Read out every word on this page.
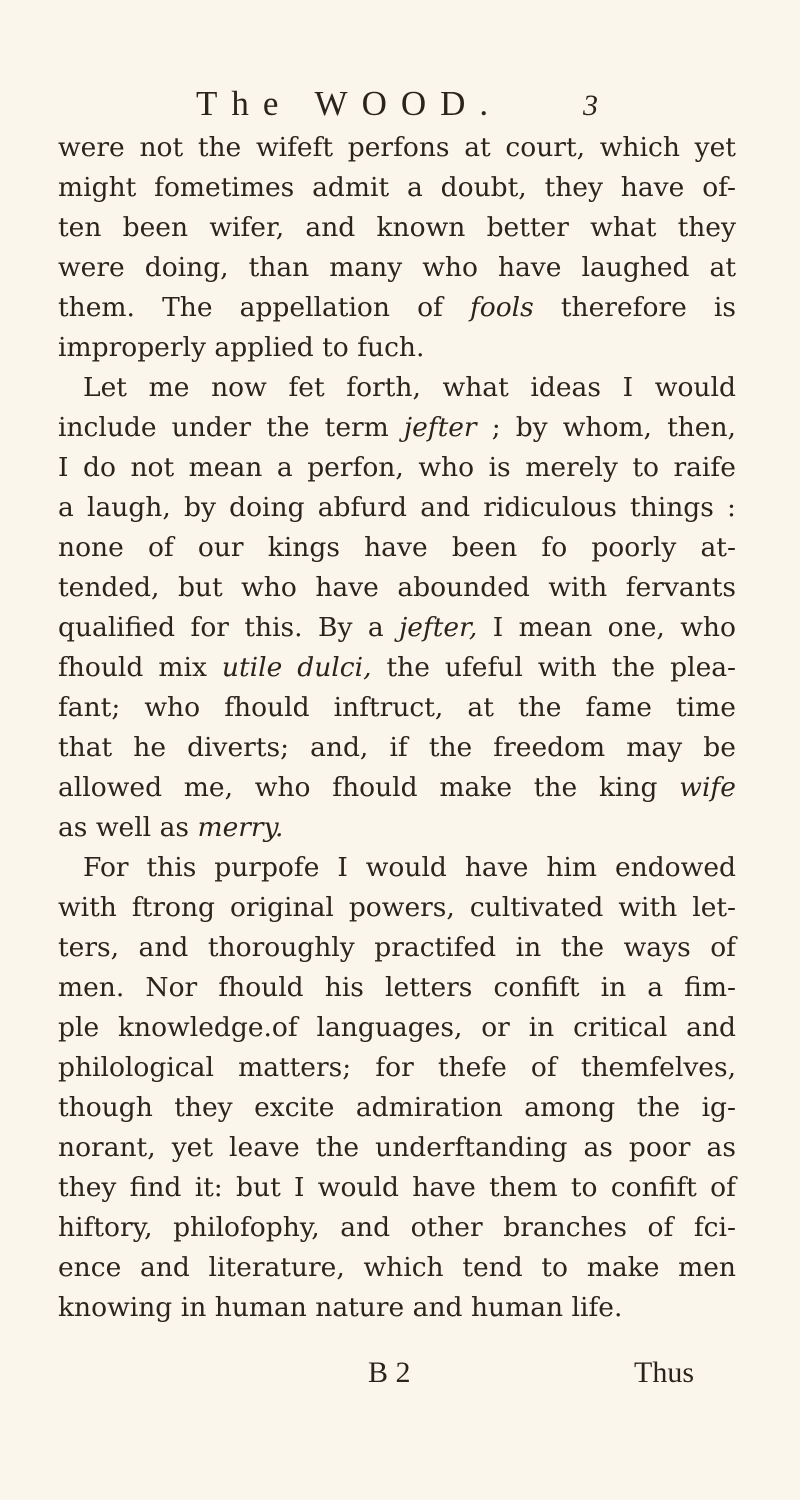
The WOOD.	3
were not the wifeft perfons at court, which yet
might fometimes admit a doubt, they have of-
ten been wifer, and known better what they
were doing, than many who have laughed at
them. The appellation of fools therefore is
improperly
applied
to
fuch.
Let me now fet forth, what ideas I would
include under the term jefter ; by whom, then,
I do not mean a perfon, who is merely to raife
a laugh, by doing abfurd and ridiculous things :
none of our kings have been fo poorly at-
tended, but who have abounded with fervants
qualified for this. By a jefter, I mean one, who
fhould mix utile dulci, the ufeful with the plea-
fant; who fhould inftruct, at the fame time
that he diverts; and, if the freedom may be
allowed me, who fhould make the king wife
as
well
as
merry.
For this purpofe I would have him endowed
with ftrong original powers, cultivated with let-
ters, and thoroughly practifed in the ways of
men. Nor fhould his letters confift in a fim-
ple knowledge.of languages, or in critical and
philological matters; for thefe of themfelves,
though they excite admiration among the ig-
norant, yet leave the underftanding as poor as
they find it: but I would have them to confift of
hiftory, philofophy, and other branches of fci-
ence and literature, which tend to make men
knowing
in
human
nature
and
human
life.
B 2	Thus
